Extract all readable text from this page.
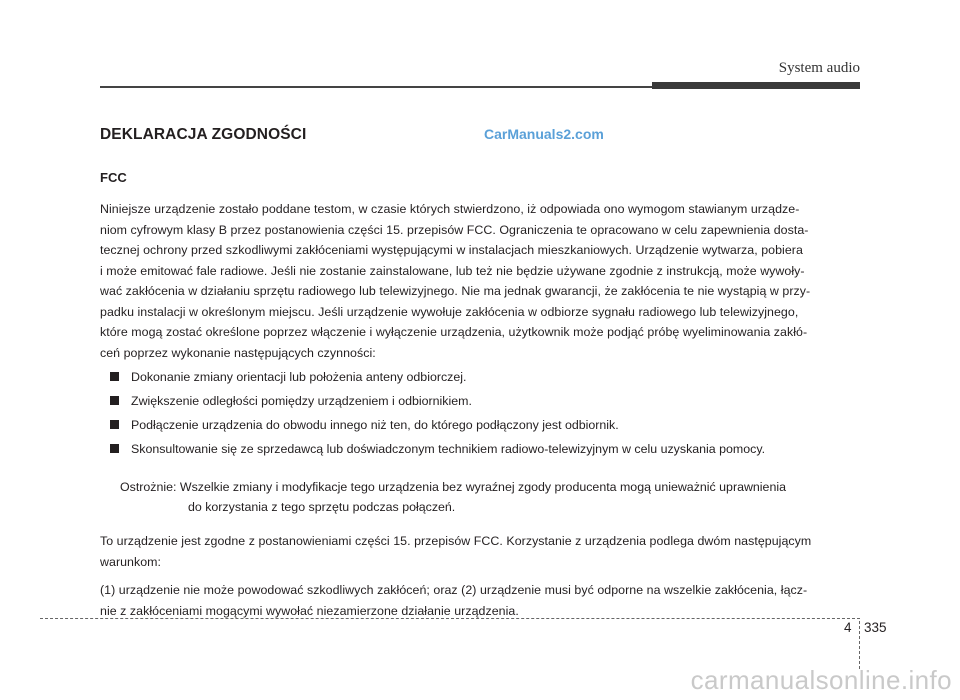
System audio
DEKLARACJA ZGODNOŚCI	CarManuals2.com
FCC

Niniejsze urządzenie zostało poddane testom, w czasie których stwierdzono, iż odpowiada ono wymogom stawianym urządze-
niom cyfrowym klasy B przez postanowienia części 15. przepisów FCC. Ograniczenia te opracowano w celu zapewnienia dosta-
tecznej ochrony przed szkodliwymi zakłóceniami występującymi w instalacjach mieszkaniowych. Urządzenie wytwarza, pobiera
i może emitować fale radiowe. Jeśli nie zostanie zainstalowane, lub też nie będzie używane zgodnie z instrukcją, może wywoły-
wać zakłócenia w działaniu sprzętu radiowego lub telewizyjnego. Nie ma jednak gwarancji, że zakłócenia te nie wystąpią w przy-
padku instalacji w określonym miejscu. Jeśli urządzenie wywołuje zakłócenia w odbiorze sygnału radiowego lub telewizyjnego,
które mogą zostać określone poprzez włączenie i wyłączenie urządzenia, użytkownik może podjąć próbę wyeliminowania zakłó-
ceń poprzez wykonanie następujących czynności:

Dokonanie zmiany orientacji lub położenia anteny odbiorczej.
Zwiększenie odległości pomiędzy urządzeniem i odbiornikiem.
Podłączenie urządzenia do obwodu innego niż ten, do którego podłączony jest odbiornik.
Skonsultowanie się ze sprzedawcą lub doświadczonym technikiem radiowo-telewizyjnym w celu uzyskania pomocy.
Ostrożnie: Wszelkie zmiany i modyfikacje tego urządzenia bez wyraźnej zgody producenta mogą unieważnić uprawnienia
do korzystania z tego sprzętu podczas połączeń.

To urządzenie jest zgodne z postanowieniami części 15. przepisów FCC. Korzystanie z urządzenia podlega dwóm następującym
warunkom:

(1) urządzenie nie może powodować szkodliwych zakłóceń; oraz (2) urządzenie musi być odporne na wszelkie zakłócenia, łącz-
nie z zakłóceniami mogącymi wywołać niezamierzone działanie urządzenia.

4 335
carmanualsonline.info
